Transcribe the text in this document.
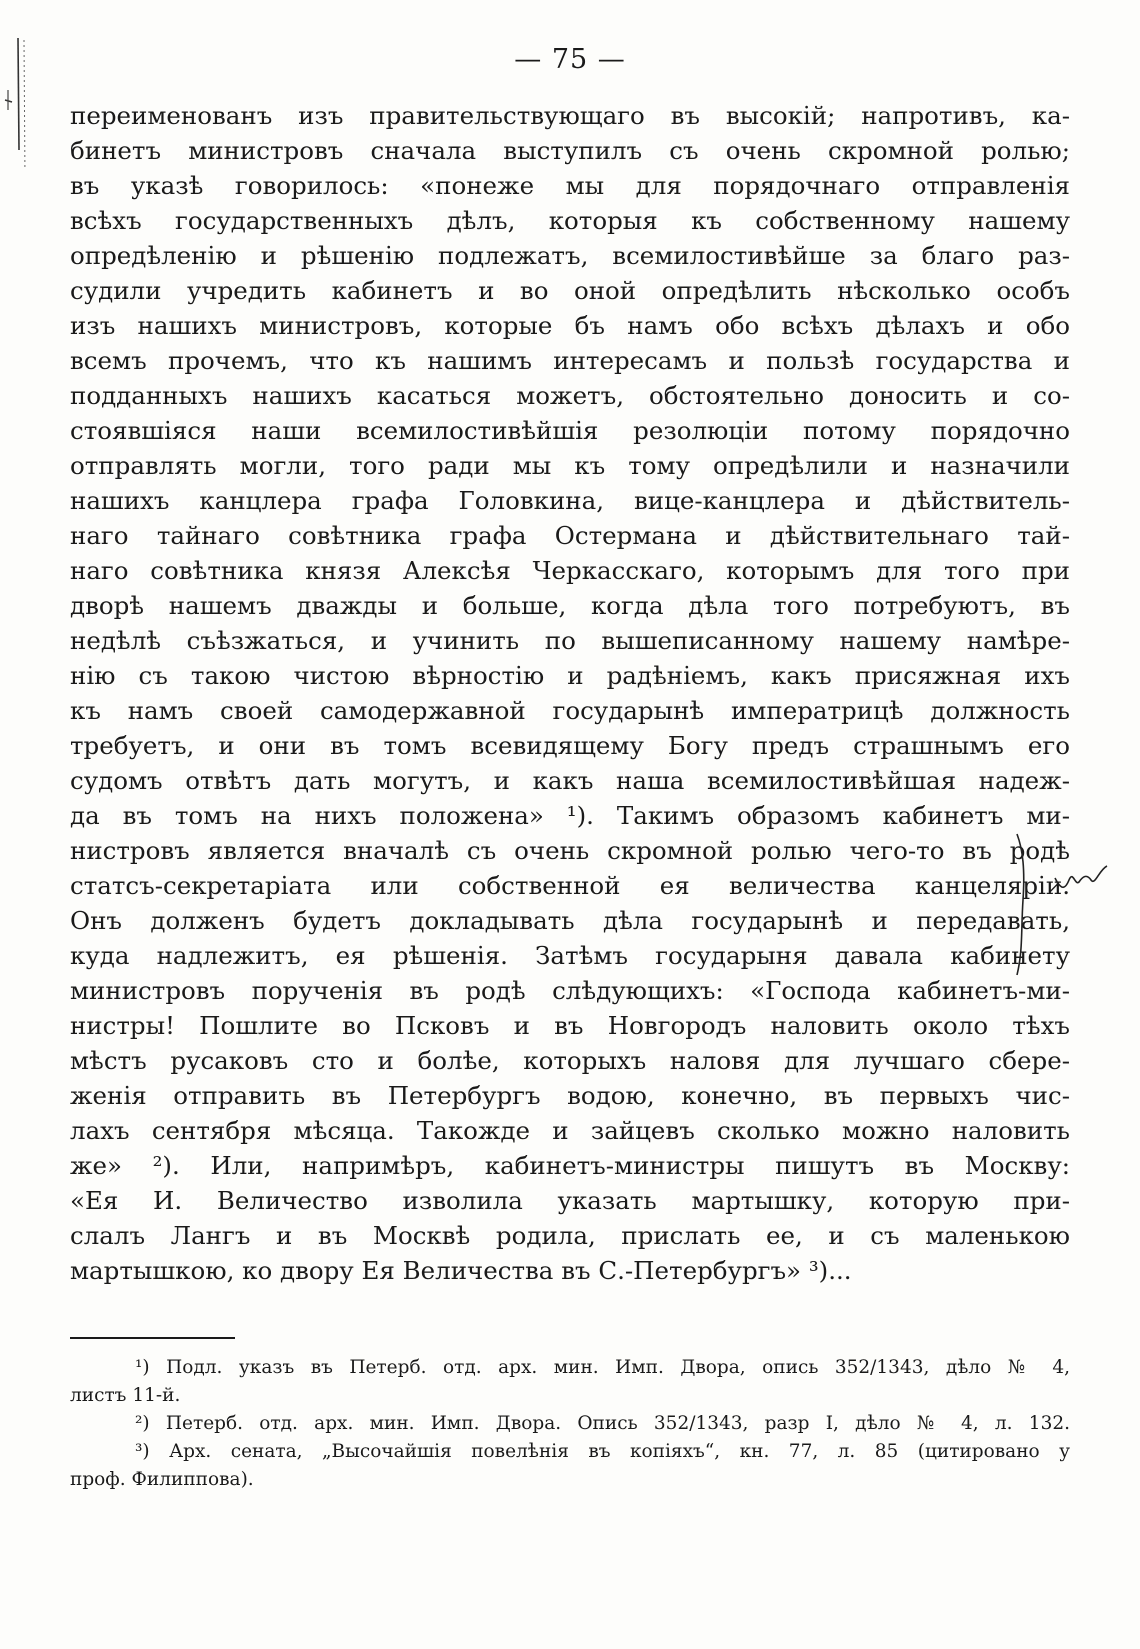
— 75 —
переименованъ изъ правительствующаго въ высокій; напротивъ, ка-
бинетъ министровъ сначала выступилъ съ очень скромной ролью;
въ указѣ говорилось: «понеже мы для порядочнаго отправленія
всѣхъ государственныхъ дѣлъ, которыя къ собственному нашему
опредѣленію и рѣшенію подлежатъ, всемилостивѣйше за благо раз-
судили учредить кабинетъ и во оной опредѣлить нѣсколько особъ
изъ нашихъ министровъ, которые бъ намъ обо всѣхъ дѣлахъ и обо
всемъ прочемъ, что къ нашимъ интересамъ и пользѣ государства и
подданныхъ нашихъ касаться можетъ, обстоятельно доносить и со-
стоявшіяся наши всемилостивѣйшія резолюціи потому порядочно
отправлять могли, того ради мы къ тому опредѣлили и назначили
нашихъ канцлера графа Головкина, вице-канцлера и дѣйствитель-
наго тайнаго совѣтника графа Остермана и дѣйствительнаго тай-
наго совѣтника князя Алексѣя Черкасскаго, которымъ для того при
дворѣ нашемъ дважды и больше, когда дѣла того потребуютъ, въ
недѣлѣ съѣзжаться, и учинить по вышеписанному нашему намѣре-
нію съ такою чистою вѣрностію и радѣніемъ, какъ присяжная ихъ
къ намъ своей самодержавной государынѣ императрицѣ должность
требуетъ, и они въ томъ всевидящему Богу предъ страшнымъ его
судомъ отвѣтъ дать могутъ, и какъ наша всемилостивѣйшая надеж-
да въ томъ на нихъ положена» ¹). Такимъ образомъ кабинетъ ми-
нистровъ является вначалѣ съ очень скромной ролью чего-то въ родѣ
статсъ-секретаріата или собственной ея величества канцеляріи.
Онъ долженъ будетъ докладывать дѣла государынѣ и передавать,
куда надлежитъ, ея рѣшенія. Затѣмъ государыня давала кабинету
министровъ порученія въ родѣ слѣдующихъ: «Господа кабинетъ-ми-
нистры! Пошлите во Псковъ и въ Новгородъ наловить около тѣхъ
мѣстъ русаковъ сто и болѣе, которыхъ наловя для лучшаго сбере-
женія отправить въ Петербургъ водою, конечно, въ первыхъ чис-
лахъ сентября мѣсяца. Такожде и зайцевъ сколько можно наловить
же» ²). Или, напримѣръ, кабинетъ-министры пишутъ въ Москву:
«Ея И. Величество изволила указать мартышку, которую при-
слалъ Лангъ и въ Москвѣ родила, прислать ее, и съ маленькою
мартышкою, ко двору Ея Величества въ С.-Петербургъ» ³)...
¹) Подл. указъ въ Петерб. отд. арх. мин. Имп. Двора, опись 352/1343, дѣло № 4,
листъ 11-й.
²) Петерб. отд. арх. мин. Имп. Двора. Опись 352/1343, разр I, дѣло № 4, л. 132.
³) Арх. сената, „Высочайшія повелѣнія въ копіяхъ“, кн. 77, л. 85 (цитировано у
проф. Филиппова).
